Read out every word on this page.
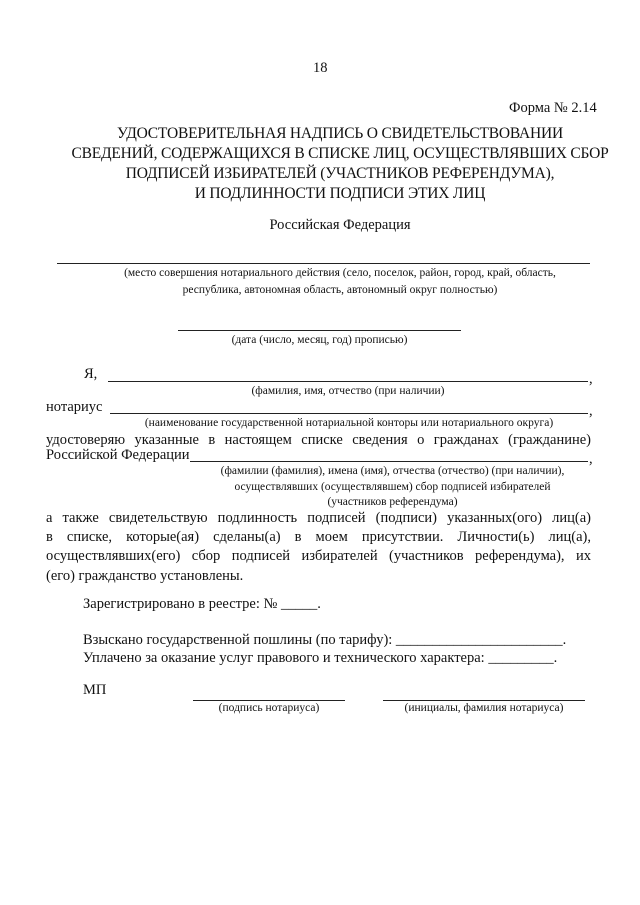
18
Форма № 2.14
УДОСТОВЕРИТЕЛЬНАЯ НАДПИСЬ О СВИДЕТЕЛЬСТВОВАНИИ
СВЕДЕНИЙ, СОДЕРЖАЩИХСЯ В СПИСКЕ ЛИЦ, ОСУЩЕСТВЛЯВШИХ СБОР
ПОДПИСЕЙ ИЗБИРАТЕЛЕЙ (УЧАСТНИКОВ РЕФЕРЕНДУМА),
И ПОДЛИННОСТИ ПОДПИСИ ЭТИХ ЛИЦ
Российская Федерация
(место совершения нотариального действия (село, поселок, район, город, край, область,
республика, автономная область, автономный округ полностью)
(дата (число, месяц, год) прописью)
Я,	,
(фамилия, имя, отчество (при наличии)
нотариус	,
(наименование государственной нотариальной конторы или нотариального округа)
удостоверяю указанные в настоящем списке сведения о гражданах (гражданине)
Российской Федерации	,
(фамилии (фамилия), имена (имя), отчества (отчество) (при наличии),
осуществлявших (осуществлявшем) сбор подписей избирателей
(участников референдума)
а также свидетельствую подлинность подписей (подписи) указанных(ого) лиц(а)
в списке, которые(ая) сделаны(а) в моем присутствии. Личности(ь) лиц(а),
осуществлявших(его) сбор подписей избирателей (участников референдума), их
(его) гражданство установлены.
Зарегистрировано в реестре: № _____.
Взыскано государственной пошлины (по тарифу): _______________________.
Уплачено за оказание услуг правового и технического характера: _________.
МП
(подпись нотариуса)	(инициалы, фамилия нотариуса)
